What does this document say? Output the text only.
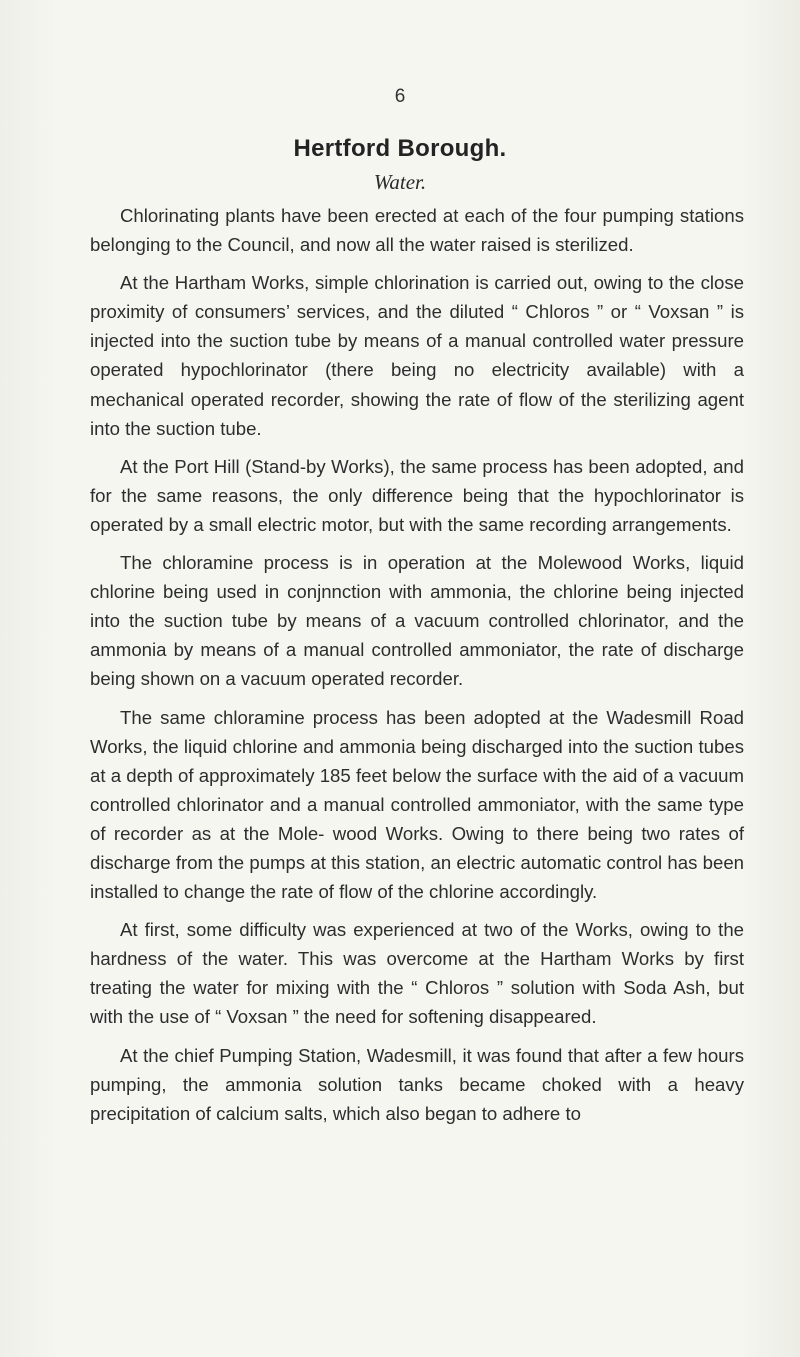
6
Hertford Borough.
Water.

Chlorinating plants have been erected at each of the four pumping stations belonging to the Council, and now all the water raised is sterilized.

At the Hartham Works, simple chlorination is carried out, owing to the close proximity of consumers’ services, and the diluted “ Chloros ” or “ Voxsan ” is injected into the suction tube by means of a manual controlled water pressure operated hypochlorinator (there being no electricity available) with a mechanical operated recorder, showing the rate of flow of the sterilizing agent into the suction tube.

At the Port Hill (Stand-by Works), the same process has been adopted, and for the same reasons, the only difference being that the hypochlorinator is operated by a small electric motor, but with the same recording arrangements.

The chloramine process is in operation at the Molewood Works, liquid chlorine being used in conjnnction with ammonia, the chlorine being injected into the suction tube by means of a vacuum controlled chlorinator, and the ammonia by means of a manual controlled ammoniator, the rate of discharge being shown on a vacuum operated recorder.

The same chloramine process has been adopted at the Wadesmill Road Works, the liquid chlorine and ammonia being discharged into the suction tubes at a depth of approximately 185 feet below the surface with the aid of a vacuum controlled chlorinator and a manual controlled ammoniator, with the same type of recorder as at the Mole- wood Works. Owing to there being two rates of discharge from the pumps at this station, an electric automatic control has been installed to change the rate of flow of the chlorine accordingly.

At first, some difficulty was experienced at two of the Works, owing to the hardness of the water. This was overcome at the Hartham Works by first treating the water for mixing with the “ Chloros ” solution with Soda Ash, but with the use of “ Voxsan ” the need for softening disappeared.

At the chief Pumping Station, Wadesmill, it was found that after a few hours pumping, the ammonia solution tanks became choked with a heavy precipitation of calcium salts, which also began to adhere to
